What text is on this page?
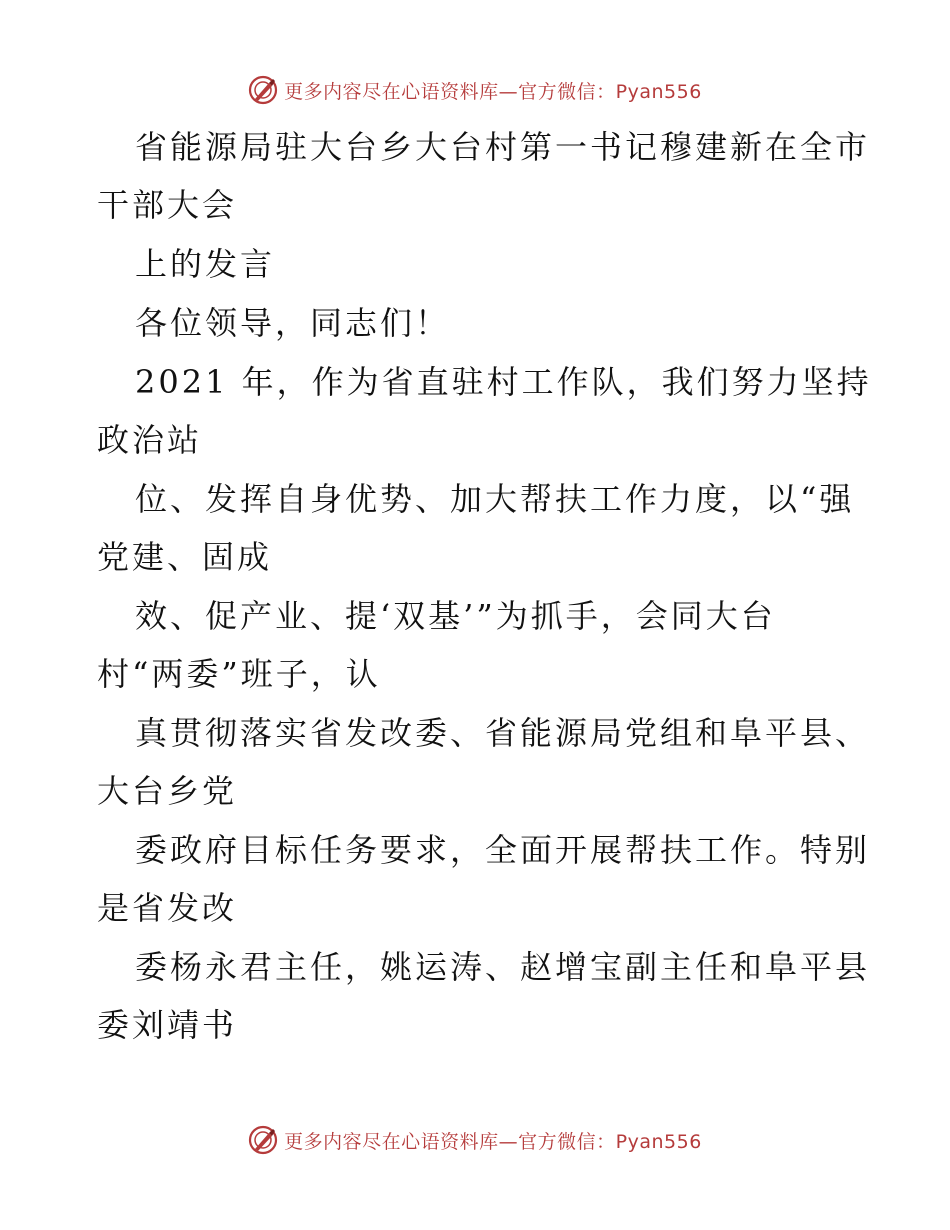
更多内容尽在心语资料库—官方微信：Pyan556
省能源局驻大台乡大台村第一书记穆建新在全市
干部大会
上的发言
各位领导，同志们！
2021 年，作为省直驻村工作队，我们努力坚持
政治站
位、发挥自身优势、加大帮扶工作力度，以“强
党建、固成
效、促产业、提‘双基’”为抓手，会同大台
村“两委”班子，认
真贯彻落实省发改委、省能源局党组和阜平县、
大台乡党
委政府目标任务要求，全面开展帮扶工作。特别
是省发改
委杨永君主任，姚运涛、赵增宝副主任和阜平县
委刘靖书
更多内容尽在心语资料库—官方微信：Pyan556
